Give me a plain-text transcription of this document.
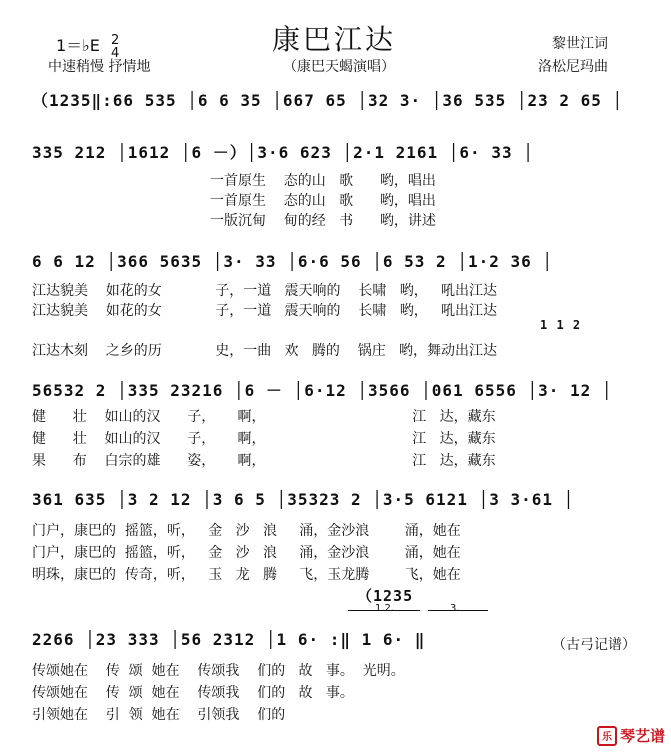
1＝♭E 2
4	康巴江达
（康巴天蝎演唱）
中速稍慢 抒情地
黎世江词
洛松尼玛曲
（1235‖:66 535 │6 6 35 │667 65 │32 3· │36 535 │23 2 65 │
335 212 │1612 │6 －）│3·6 623 │2·1 2161 │6· 33 │
一首原生    态的山   歌      哟，唱出
一首原生    态的山   歌      哟，唱出
一版沉甸    甸的经   书      哟，讲述
6 6 12 │366 5635 │3· 33 │6·6 56 │6 53 2 │1·2 36 │
江达貌美    如花的女            子，一道   震天响的    长啸   哟，   吼出江达
江达貌美    如花的女            子，一道   震天响的    长啸   哟，   吼出江达
1 1 2
江达木刻    之乡的历            史，一曲   欢   腾的    锅庄   哟，舞动出江达
56532 2 │335 23216 │6 － │6·12 │3566 │061 6556 │3· 12 │
健      壮    如山的汉      子，     啊，                                 江   达，藏东
健      壮    如山的汉      子，     啊，                                 江   达，藏东
果      布    白宗的雄      姿，     啊，                                 江   达，藏东
361 635 │3 2 12 │3 6 5 │35323 2 │3·5 6121 │3 3·61 │
门户，康巴的  摇篮，听，   金   沙   浪     涌，金沙浪        涌，她在
门户，康巴的  摇篮，听，   金   沙   浪     涌，金沙浪        涌，她在
明珠，康巴的  传奇，听，   玉   龙   腾     飞，玉龙腾        飞，她在
（1235
1.2.	3.
2266 │23 333 │56 2312 │1 6· :‖ 1 6· ‖
传颂她在    传  颂  她在    传颂我    们的   故   事。  光明。
传颂她在    传  颂  她在    传颂我    们的   故   事。
引领她在    引  领  她在    引领我    们的
（古弓记谱）
乐 琴艺谱
